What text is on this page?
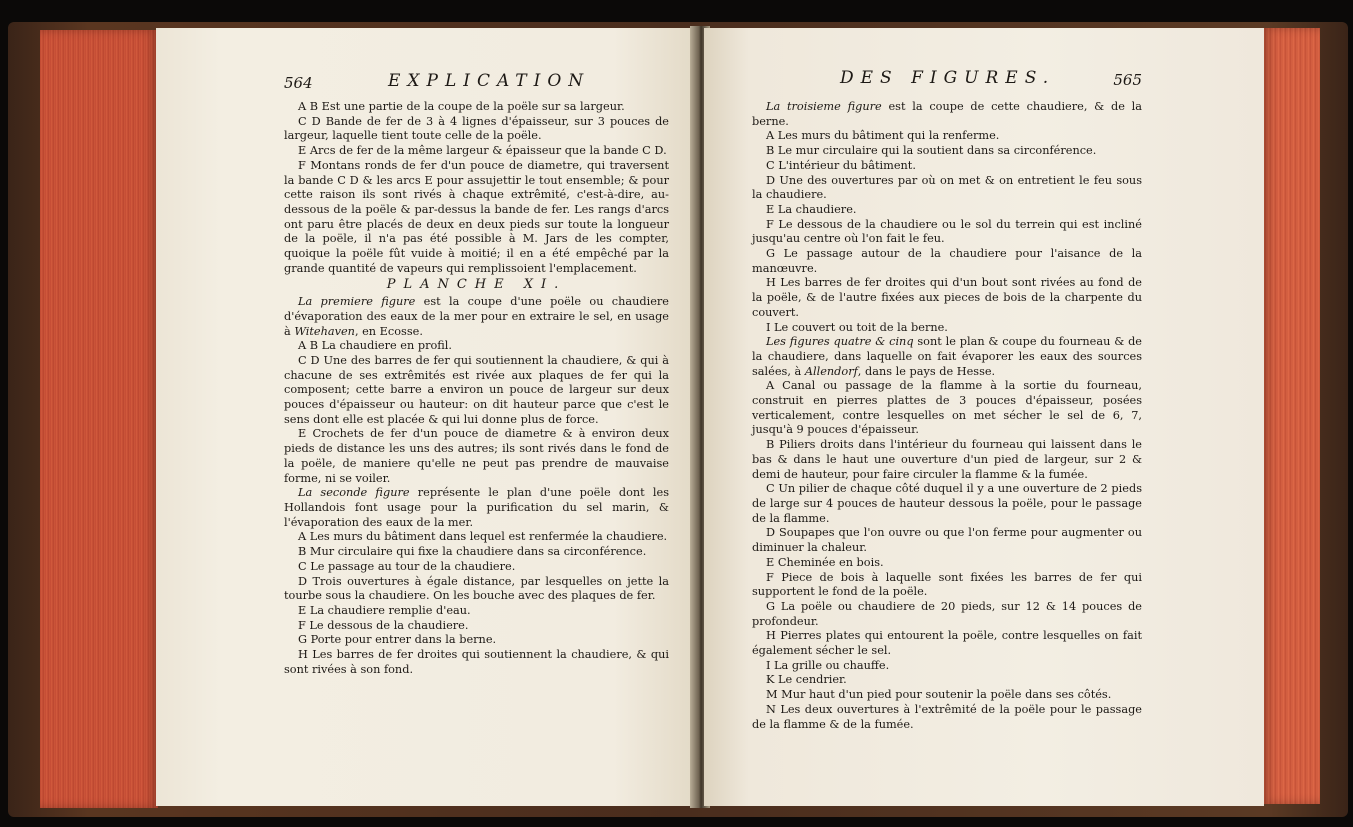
564	EXPLICATION

A B Est une partie de la coupe de la poële sur sa largeur.

C D Bande de fer de 3 à 4 lignes d'épaisseur, sur 3 pouces de largeur, laquelle tient toute celle de la poële.

E Arcs de fer de la même largeur & épaisseur que la bande C D.

F Montans ronds de fer d'un pouce de diametre, qui traversent la bande C D & les arcs E pour assujettir le tout ensemble; & pour cette raison ils sont rivés à chaque extrêmité, c'est-à-dire, au-dessous de la poële & par-dessus la bande de fer. Les rangs d'arcs ont paru être placés de deux en deux pieds sur toute la longueur de la poële, il n'a pas été possible à M. Jars de les compter, quoique la poële fût vuide à moitié; il en a été empêché par la grande quantité de vapeurs qui remplissoient l'emplacement.

PLANCHE XI.

La premiere figure est la coupe d'une poële ou chaudiere d'évaporation des eaux de la mer pour en extraire le sel, en usage à Witehaven, en Ecosse.

A B La chaudiere en profil.

C D Une des barres de fer qui soutiennent la chaudiere, & qui à chacune de ses extrêmités est rivée aux plaques de fer qui la composent; cette barre a environ un pouce de largeur sur deux pouces d'épaisseur ou hauteur: on dit hauteur parce que c'est le sens dont elle est placée & qui lui donne plus de force.

E Crochets de fer d'un pouce de diametre & à environ deux pieds de distance les uns des autres; ils sont rivés dans le fond de la poële, de maniere qu'elle ne peut pas prendre de mauvaise forme, ni se voiler.

La seconde figure représente le plan d'une poële dont les Hollandois font usage pour la purification du sel marin, & l'évaporation des eaux de la mer.

A Les murs du bâtiment dans lequel est renfermée la chaudiere.

B Mur circulaire qui fixe la chaudiere dans sa circonférence.

C Le passage au tour de la chaudiere.

D Trois ouvertures à égale distance, par lesquelles on jette la tourbe sous la chaudiere. On les bouche avec des plaques de fer.

E La chaudiere remplie d'eau.

F Le dessous de la chaudiere.

G Porte pour entrer dans la berne.

H Les barres de fer droites qui soutiennent la chaudiere, & qui sont rivées à son fond.

DES FIGURES.	565

La troisieme figure est la coupe de cette chaudiere, & de la berne.

A Les murs du bâtiment qui la renferme.

B Le mur circulaire qui la soutient dans sa circonférence.

C L'intérieur du bâtiment.

D Une des ouvertures par où on met & on entretient le feu sous la chaudiere.

E La chaudiere.

F Le dessous de la chaudiere ou le sol du terrein qui est incliné jusqu'au centre où l'on fait le feu.

G Le passage autour de la chaudiere pour l'aisance de la manœuvre.

H Les barres de fer droites qui d'un bout sont rivées au fond de la poële, & de l'autre fixées aux pieces de bois de la charpente du couvert.

I Le couvert ou toit de la berne.

Les figures quatre & cinq sont le plan & coupe du fourneau & de la chaudiere, dans laquelle on fait évaporer les eaux des sources salées, à Allendorf, dans le pays de Hesse.

A Canal ou passage de la flamme à la sortie du fourneau, construit en pierres plattes de 3 pouces d'épaisseur, posées verticalement, contre lesquelles on met sécher le sel de 6, 7, jusqu'à 9 pouces d'épaisseur.

B Piliers droits dans l'intérieur du fourneau qui laissent dans le bas & dans le haut une ouverture d'un pied de largeur, sur 2 & demi de hauteur, pour faire circuler la flamme & la fumée.

C Un pilier de chaque côté duquel il y a une ouverture de 2 pieds de large sur 4 pouces de hauteur dessous la poële, pour le passage de la flamme.

D Soupapes que l'on ouvre ou que l'on ferme pour augmenter ou diminuer la chaleur.

E Cheminée en bois.

F Piece de bois à laquelle sont fixées les barres de fer qui supportent le fond de la poële.

G La poële ou chaudiere de 20 pieds, sur 12 & 14 pouces de profondeur.

H Pierres plates qui entourent la poële, contre lesquelles on fait également sécher le sel.

I La grille ou chauffe.

K Le cendrier.

M Mur haut d'un pied pour soutenir la poële dans ses côtés.

N Les deux ouvertures à l'extrêmité de la poële pour le passage de la flamme & de la fumée.
